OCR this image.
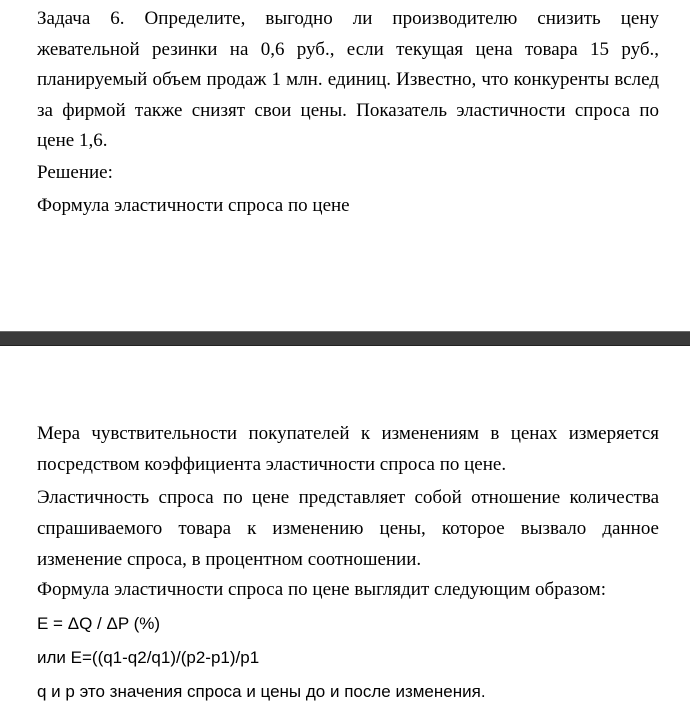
Задача 6. Определите, выгодно ли производителю снизить цену жевательной резинки на 0,6 руб., если текущая цена товара 15 руб., планируемый объем продаж 1 млн. единиц. Известно, что конкуренты вслед за фирмой также снизят свои цены. Показатель эластичности спроса по цене 1,6.

Решение:

Формула эластичности спроса по цене

Мера чувствительности покупателей к изменениям в ценах измеряется посредством коэффициента эластичности спроса по цене.

Эластичность спроса по цене представляет собой отношение количества спрашиваемого товара к изменению цены, которое вызвало данное изменение спроса, в процентном соотношении.

Формула эластичности спроса по цене выглядит следующим образом:

E = ΔQ / ΔP (%)

или E=((q1-q2/q1)/(p2-p1)/p1

q и p это значения спроса и цены до и после изменения.
